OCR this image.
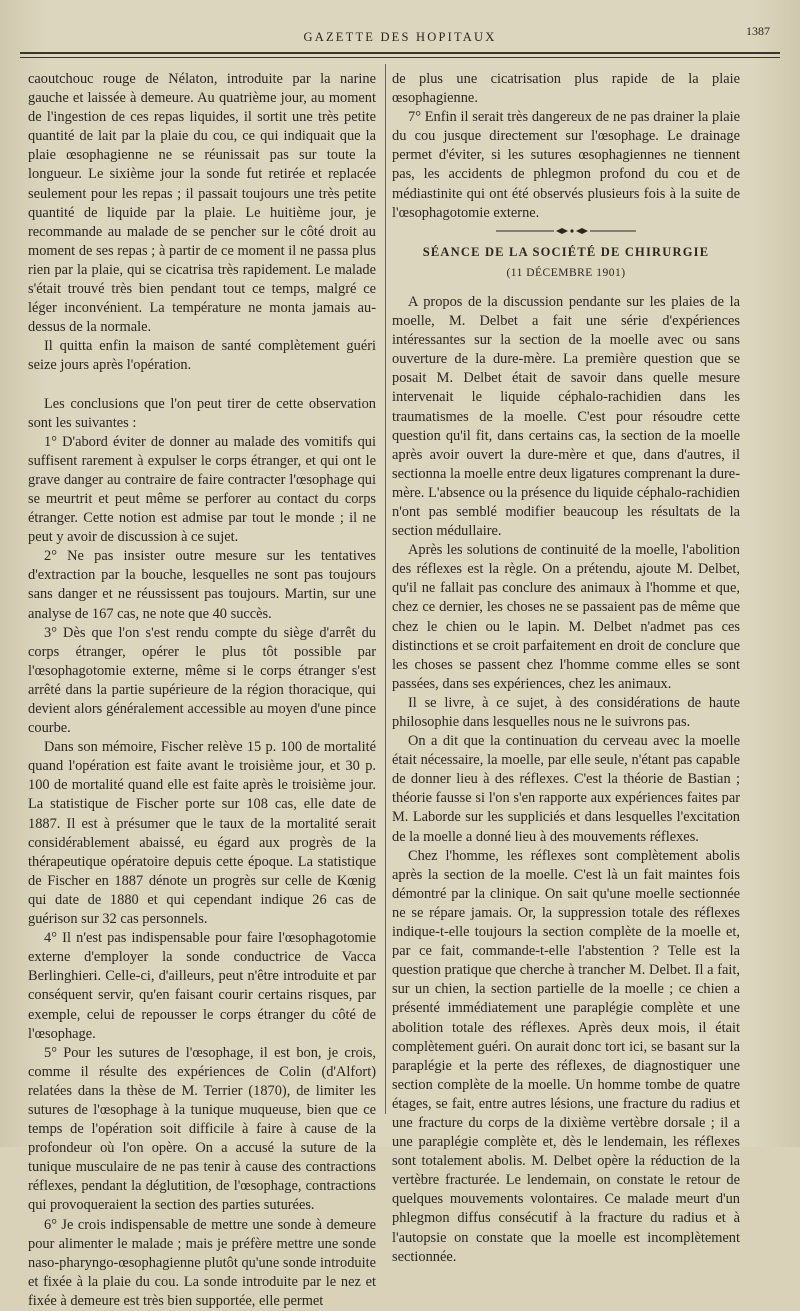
GAZETTE DES HOPITAUX	1387

caoutchouc rouge de Nélaton, introduite par la narine gauche et laissée à demeure. Au quatrième jour, au moment de l'ingestion de ces repas liquides, il sortit une très petite quantité de lait par la plaie du cou, ce qui indiquait que la plaie œsophagienne ne se réunissait pas sur toute la longueur. Le sixième jour la sonde fut retirée et replacée seulement pour les repas ; il passait toujours une très petite quantité de liquide par la plaie. Le huitième jour, je recommande au malade de se pencher sur le côté droit au moment de ses repas ; à partir de ce moment il ne passa plus rien par la plaie, qui se cicatrisa très rapidement. Le malade s'était trouvé très bien pendant tout ce temps, malgré ce léger inconvénient. La température ne monta jamais au-dessus de la normale.

Il quitta enfin la maison de santé complètement guéri seize jours après l'opération.

Les conclusions que l'on peut tirer de cette observation sont les suivantes :

1° D'abord éviter de donner au malade des vomitifs qui suffisent rarement à expulser le corps étranger, et qui ont le grave danger au contraire de faire contracter l'œsophage qui se meurtrit et peut même se perforer au contact du corps étranger. Cette notion est admise par tout le monde ; il ne peut y avoir de discussion à ce sujet.

2° Ne pas insister outre mesure sur les tentatives d'extraction par la bouche, lesquelles ne sont pas toujours sans danger et ne réussissent pas toujours. Martin, sur une analyse de 167 cas, ne note que 40 succès.

3° Dès que l'on s'est rendu compte du siège d'arrêt du corps étranger, opérer le plus tôt possible par l'œsophagotomie externe, même si le corps étranger s'est arrêté dans la partie supérieure de la région thoracique, qui devient alors généralement accessible au moyen d'une pince courbe.

Dans son mémoire, Fischer relève 15 p. 100 de mortalité quand l'opération est faite avant le troisième jour, et 30 p. 100 de mortalité quand elle est faite après le troisième jour. La statistique de Fischer porte sur 108 cas, elle date de 1887. Il est à présumer que le taux de la mortalité serait considérablement abaissé, eu égard aux progrès de la thérapeutique opératoire depuis cette époque. La statistique de Fischer en 1887 dénote un progrès sur celle de Kœnig qui date de 1880 et qui cependant indique 26 cas de guérison sur 32 cas personnels.

4° Il n'est pas indispensable pour faire l'œsophagotomie externe d'employer la sonde conductrice de Vacca Berlinghieri. Celle-ci, d'ailleurs, peut n'être introduite et par conséquent servir, qu'en faisant courir certains risques, par exemple, celui de repousser le corps étranger du côté de l'œsophage.

5° Pour les sutures de l'œsophage, il est bon, je crois, comme il résulte des expériences de Colin (d'Alfort) relatées dans la thèse de M. Terrier (1870), de limiter les sutures de l'œsophage à la tunique muqueuse, bien que ce temps de l'opération soit difficile à faire à cause de la profondeur où l'on opère. On a accusé la suture de la tunique musculaire de ne pas tenir à cause des contractions réflexes, pendant la déglutition, de l'œsophage, contractions qui provoqueraient la section des parties suturées.

6° Je crois indispensable de mettre une sonde à demeure pour alimenter le malade ; mais je préfère mettre une sonde naso-pharyngo-œsophagienne plutôt qu'une sonde introduite et fixée à la plaie du cou. La sonde introduite par le nez et fixée à demeure est très bien supportée, elle permet

de plus une cicatrisation plus rapide de la plaie œsophagienne.

7° Enfin il serait très dangereux de ne pas drainer la plaie du cou jusque directement sur l'œsophage. Le drainage permet d'éviter, si les sutures œsophagiennes ne tiennent pas, les accidents de phlegmon profond du cou et de médiastinite qui ont été observés plusieurs fois à la suite de l'œsophagotomie externe.

SÉANCE DE LA SOCIÉTÉ DE CHIRURGIE
(11 DÉCEMBRE 1901)

A propos de la discussion pendante sur les plaies de la moelle, M. Delbet a fait une série d'expériences intéressantes sur la section de la moelle avec ou sans ouverture de la dure-mère. La première question que se posait M. Delbet était de savoir dans quelle mesure intervenait le liquide céphalo-rachidien dans les traumatismes de la moelle. C'est pour résoudre cette question qu'il fit, dans certains cas, la section de la moelle après avoir ouvert la dure-mère et que, dans d'autres, il sectionna la moelle entre deux ligatures comprenant la dure-mère. L'absence ou la présence du liquide céphalo-rachidien n'ont pas semblé modifier beaucoup les résultats de la section médullaire.

Après les solutions de continuité de la moelle, l'abolition des réflexes est la règle. On a prétendu, ajoute M. Delbet, qu'il ne fallait pas conclure des animaux à l'homme et que, chez ce dernier, les choses ne se passaient pas de même que chez le chien ou le lapin. M. Delbet n'admet pas ces distinctions et se croit parfaitement en droit de conclure que les choses se passent chez l'homme comme elles se sont passées, dans ses expériences, chez les animaux.

Il se livre, à ce sujet, à des considérations de haute philosophie dans lesquelles nous ne le suivrons pas.

On a dit que la continuation du cerveau avec la moelle était nécessaire, la moelle, par elle seule, n'étant pas capable de donner lieu à des réflexes. C'est la théorie de Bastian ; théorie fausse si l'on s'en rapporte aux expériences faites par M. Laborde sur les suppliciés et dans lesquelles l'excitation de la moelle a donné lieu à des mouvements réflexes.

Chez l'homme, les réflexes sont complètement abolis après la section de la moelle. C'est là un fait maintes fois démontré par la clinique. On sait qu'une moelle sectionnée ne se répare jamais. Or, la suppression totale des réflexes indique-t-elle toujours la section complète de la moelle et, par ce fait, commande-t-elle l'abstention ? Telle est la question pratique que cherche à trancher M. Delbet. Il a fait, sur un chien, la section partielle de la moelle ; ce chien a présenté immédiatement une paraplégie complète et une abolition totale des réflexes. Après deux mois, il était complètement guéri. On aurait donc tort ici, se basant sur la paraplégie et la perte des réflexes, de diagnostiquer une section complète de la moelle. Un homme tombe de quatre étages, se fait, entre autres lésions, une fracture du radius et une fracture du corps de la dixième vertèbre dorsale ; il a une paraplégie complète et, dès le lendemain, les réflexes sont totalement abolis. M. Delbet opère la réduction de la vertèbre fracturée. Le lendemain, on constate le retour de quelques mouvements volontaires. Ce malade meurt d'un phlegmon diffus consécutif à la fracture du radius et à l'autopsie on constate que la moelle est incomplètement sectionnée.
